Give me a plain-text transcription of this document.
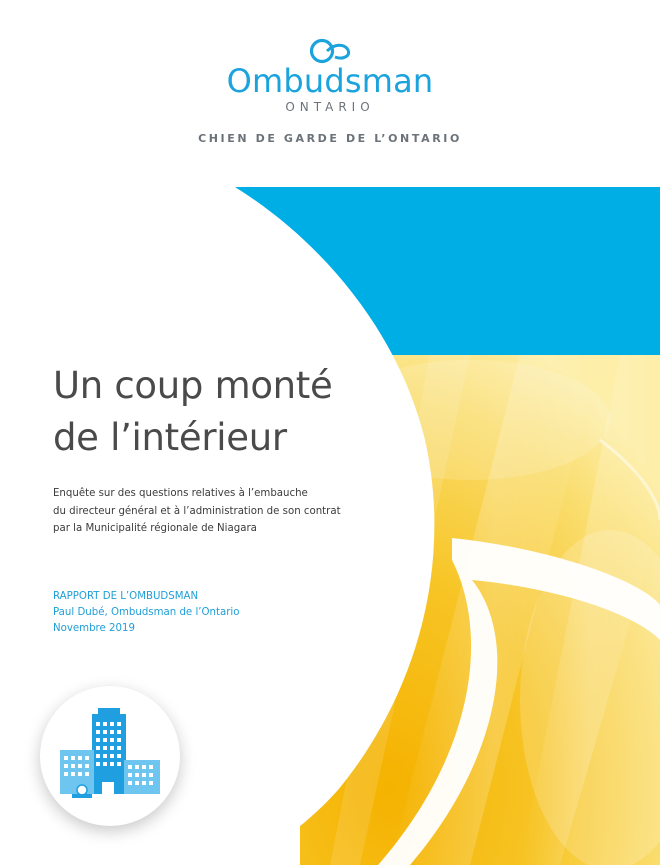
Ombudsman
ONTARIO
CHIEN DE GARDE DE L’ONTARIO
Un coup monté
de l’intérieur
Enquête sur des questions relatives à l’embauche
du directeur général et à l’administration de son contrat
par la Municipalité régionale de Niagara
RAPPORT DE L’OMBUDSMAN
Paul Dubé, Ombudsman de l’Ontario
Novembre 2019
